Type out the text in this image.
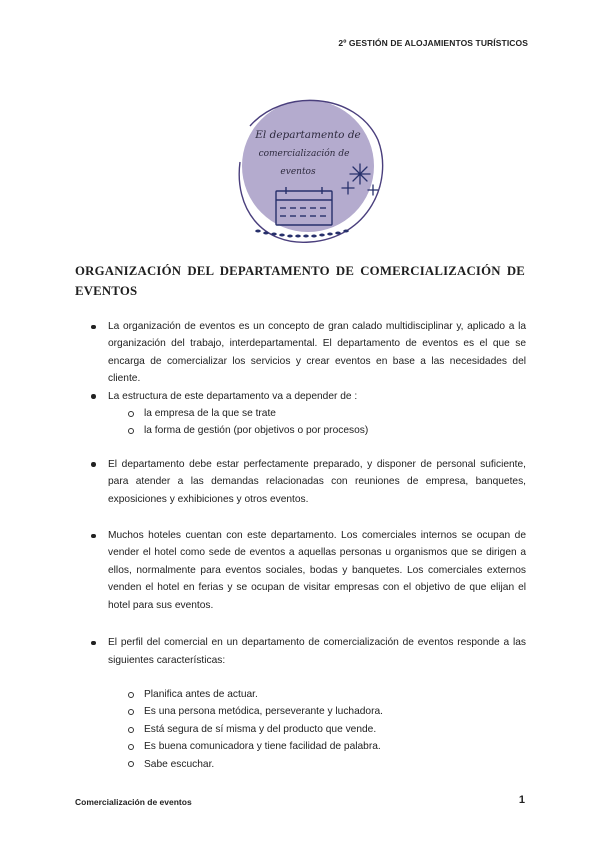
2º GESTIÓN DE ALOJAMIENTOS TURÍSTICOS
El departamento de
comercialización de
eventos
ORGANIZACIÓN DEL DEPARTAMENTO DE COMERCIALIZACIÓN DE EVENTOS

La organización de eventos es un concepto de gran calado multidisciplinar y, aplicado a la organización del trabajo, interdepartamental. El departamento de eventos es el que se encarga de comercializar los servicios y crear eventos en base a las necesidades del cliente.

La estructura de este departamento va a depender de :

la empresa de la que se trate
la forma de gestión (por objetivos o por procesos)

El departamento debe estar perfectamente preparado, y disponer de personal suficiente, para atender a las demandas relacionadas con reuniones de empresa, banquetes, exposiciones y exhibiciones y otros eventos.

Muchos hoteles cuentan con este departamento. Los comerciales internos se ocupan de vender el hotel como sede de eventos a aquellas personas u organismos que se dirigen a ellos, normalmente para eventos sociales, bodas y banquetes. Los comerciales externos venden el hotel en ferias y se ocupan de visitar empresas con el objetivo de que elijan el hotel para sus eventos.

El perfil del comercial en un departamento de comercialización de eventos responde a las siguientes características:

Planifica antes de actuar.
Es una persona metódica, perseverante y luchadora.
Está segura de sí misma y del producto que vende.
Es buena comunicadora y tiene facilidad de palabra.
Sabe escuchar.
Comercialización de eventos	1
